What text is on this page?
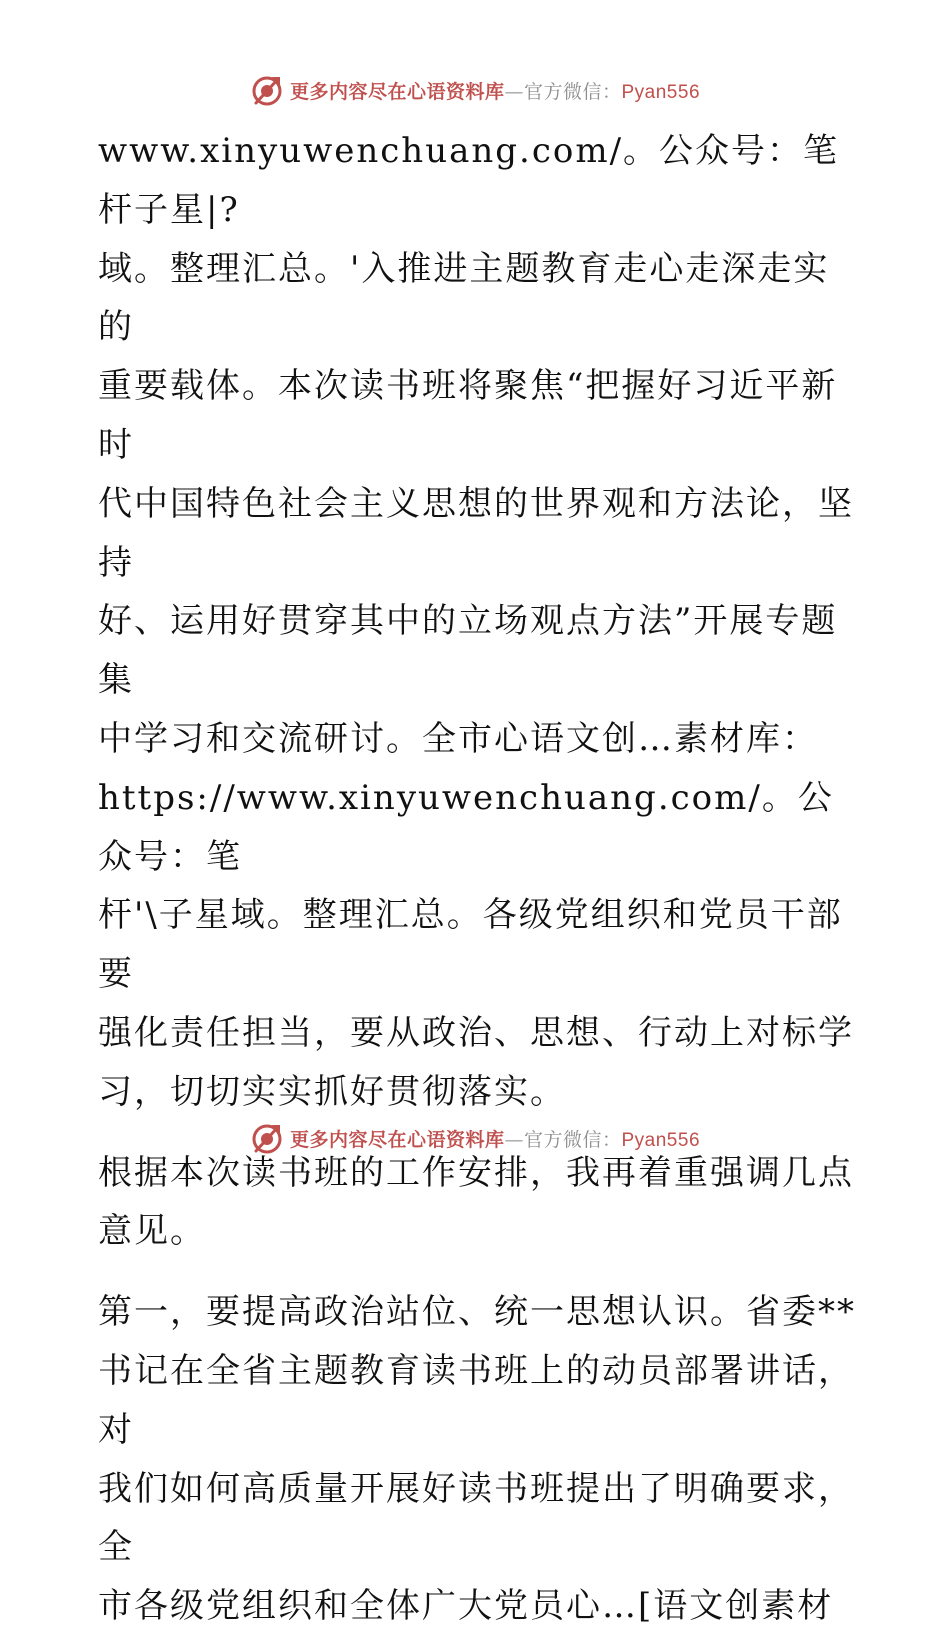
更多内容尽在心语资料库—官方微信：Pyan556

www.xinyuwenchuang.com/。公众号：笔杆子星|?
域。整理汇总。'入推进主题教育走心走深走实的
重要载体。本次读书班将聚焦“把握好习近平新时
代中国特色社会主义思想的世界观和方法论，坚持
好、运用好贯穿其中的立场观点方法”开展专题集
中学习和交流研讨。全市心语文创…素材库：
https://www.xinyuwenchuang.com/。公众号：笔
杆'\子星域。整理汇总。各级党组织和党员干部要
强化责任担当，要从政治、思想、行动上对标学
习，切切实实抓好贯彻落实。

根据本次读书班的工作安排，我再着重强调几点
意见。

第一，要提高政治站位、统一思想认识。省委**
书记在全省主题教育读书班上的动员部署讲话，对
我们如何高质量开展好读书班提出了明确要求，全
市各级党组织和全体广大党员心…[语文创素材

更多内容尽在心语资料库—官方微信：Pyan556
